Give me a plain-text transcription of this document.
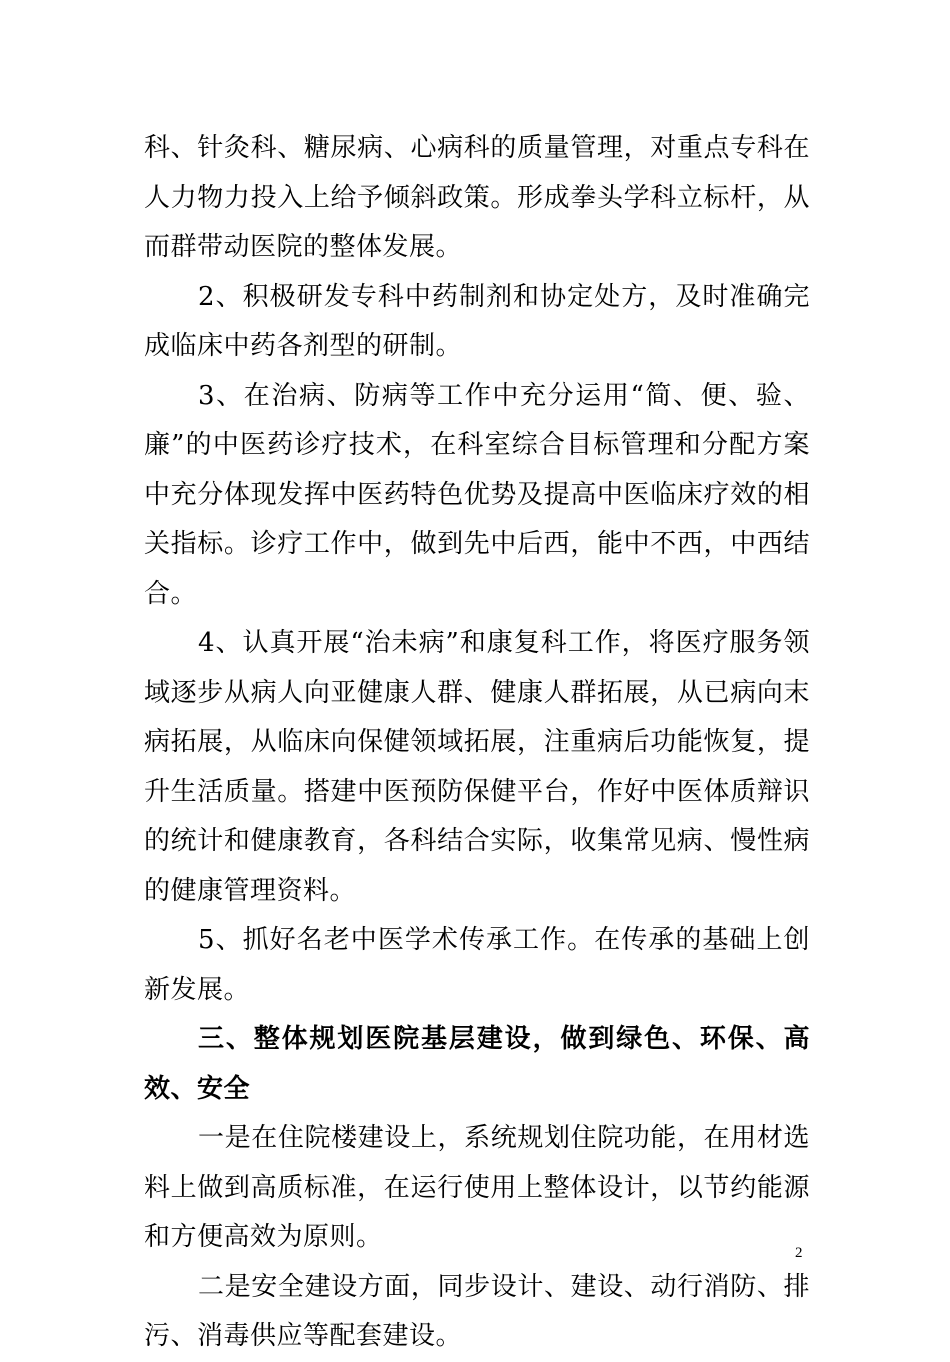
科、针灸科、糖尿病、心病科的质量管理，对重点专科在人力物力投入上给予倾斜政策。形成拳头学科立标杆，从而群带动医院的整体发展。

2、积极研发专科中药制剂和协定处方，及时准确完成临床中药各剂型的研制。

3、在治病、防病等工作中充分运用“简、便、验、廉”的中医药诊疗技术，在科室综合目标管理和分配方案中充分体现发挥中医药特色优势及提高中医临床疗效的相关指标。诊疗工作中，做到先中后西，能中不西，中西结合。

4、认真开展“治未病”和康复科工作，将医疗服务领域逐步从病人向亚健康人群、健康人群拓展，从已病向末病拓展，从临床向保健领域拓展，注重病后功能恢复，提升生活质量。搭建中医预防保健平台，作好中医体质辩识的统计和健康教育，各科结合实际，收集常见病、慢性病的健康管理资料。

5、抓好名老中医学术传承工作。在传承的基础上创新发展。

三、整体规划医院基层建设，做到绿色、环保、高效、安全

一是在住院楼建设上，系统规划住院功能，在用材选料上做到高质标准，在运行使用上整体设计，以节约能源和方便高效为原则。

二是安全建设方面，同步设计、建设、动行消防、排污、消毒供应等配套建设。

2
